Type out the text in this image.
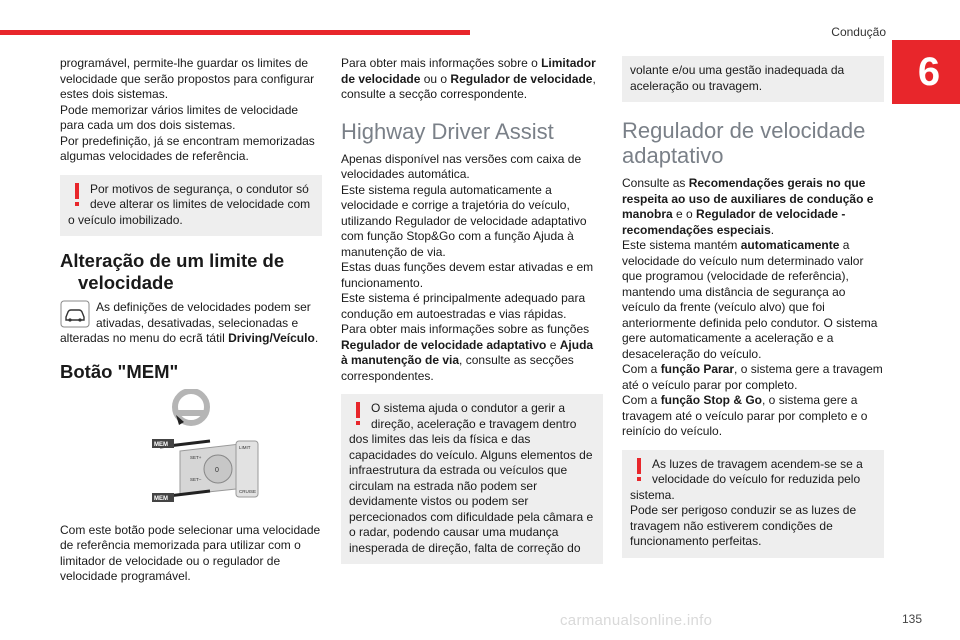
Condução
6

programável, permite-lhe guardar os limites de velocidade que serão propostos para configurar estes dois sistemas.

Pode memorizar vários limites de velocidade para cada um dos dois sistemas.

Por predefinição, já se encontram memorizadas algumas velocidades de referência.

Por motivos de segurança, o condutor só deve alterar os limites de velocidade com

o veículo imobilizado.

Alteração de um limite de
velocidade
As definições de velocidades podem ser ativadas, desativadas, selecionadas e

alteradas no menu do ecrã tátil Driving/Veículo.

Botão "MEM"
MEM
MEM
SET+
SET–
0
LIMIT
CRUISE

Com este botão pode selecionar uma velocidade de referência memorizada para utilizar com o limitador de velocidade ou o regulador de velocidade programável.

Para obter mais informações sobre o Limitador de velocidade ou o Regulador de velocidade, consulte a secção correspondente.

Highway Driver Assist

Apenas disponível nas versões com caixa de velocidades automática.

Este sistema regula automaticamente a velocidade e corrige a trajetória do veículo, utilizando Regulador de velocidade adaptativo com função Stop&Go com a função Ajuda à manutenção de via.

Estas duas funções devem estar ativadas e em funcionamento.

Este sistema é principalmente adequado para condução em autoestradas e vias rápidas.

Para obter mais informações sobre as funções Regulador de velocidade adaptativo e Ajuda à manutenção de via, consulte as secções correspondentes.

O sistema ajuda o condutor a gerir a direção, aceleração e travagem dentro

dos limites das leis da física e das capacidades do veículo. Alguns elementos de infraestrutura da estrada ou veículos que circulam na estrada não podem ser devidamente vistos ou podem ser percecionados com dificuldade pela câmara e o radar, podendo causar uma mudança inesperada de direção, falta de correção do

volante e/ou uma gestão inadequada da aceleração ou travagem.

Regulador de velocidade adaptativo

Consulte as Recomendações gerais no que respeita ao uso de auxiliares de condução e manobra e o Regulador de velocidade - recomendações especiais.

Este sistema mantém automaticamente a velocidade do veículo num determinado valor que programou (velocidade de referência), mantendo uma distância de segurança ao veículo da frente (veículo alvo) que foi anteriormente definida pelo condutor. O sistema gere automaticamente a aceleração e a desaceleração do veículo.

Com a função Parar, o sistema gere a travagem até o veículo parar por completo.

Com a função Stop & Go, o sistema gere a travagem até o veículo parar por completo e o reinício do veículo.

As luzes de travagem acendem-se se a velocidade do veículo for reduzida pelo

sistema.

Pode ser perigoso conduzir se as luzes de travagem não estiverem condições de funcionamento perfeitas.

carmanualsonline.info	135
